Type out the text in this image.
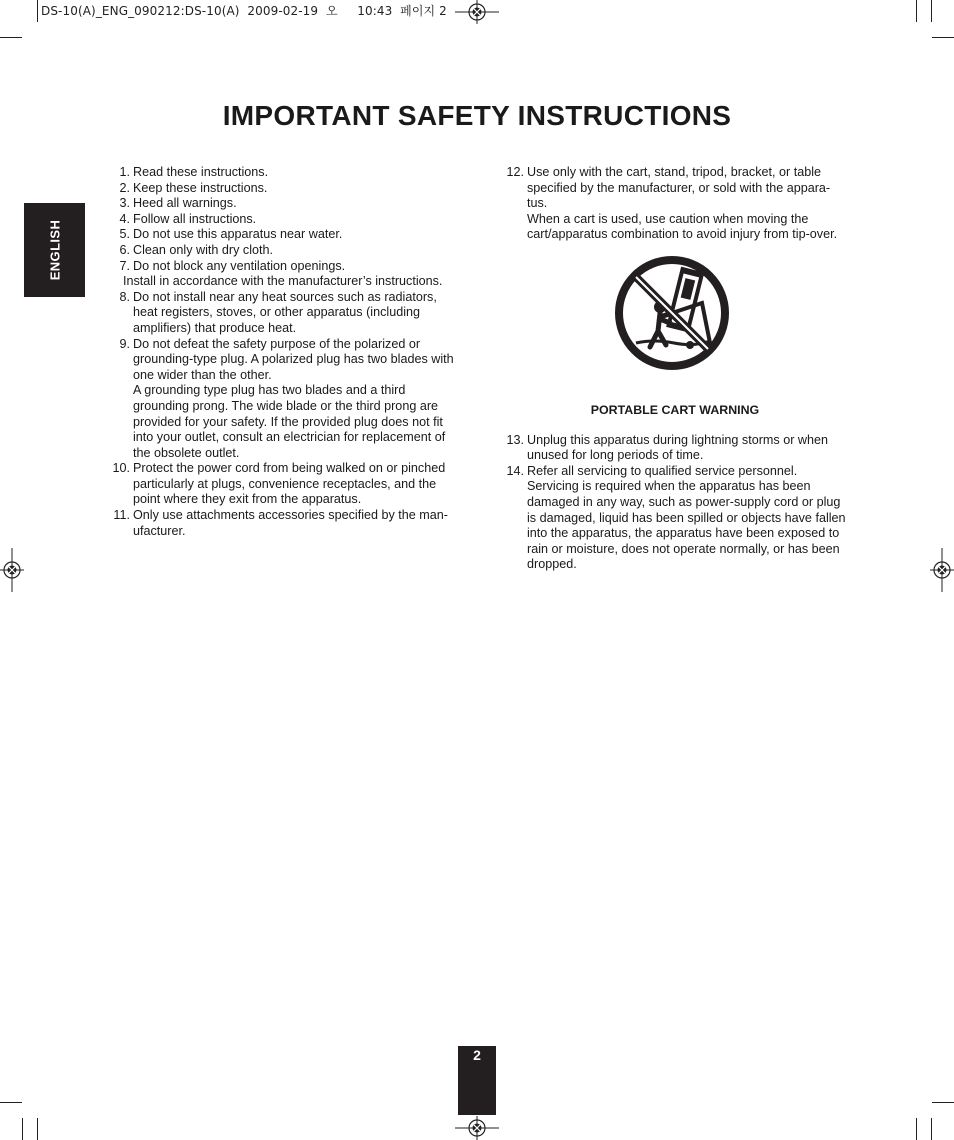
DS-10(A)_ENG_090212:DS-10(A)  2009-02-19  오     10:43  페이지 2
IMPORTANT SAFETY INSTRUCTIONS
ENGLISH
1. Read these instructions.

2. Keep these instructions.

3. Heed all warnings.

4. Follow all instructions.

5. Do not use this apparatus near water.

6. Clean only with dry cloth.

7. Do not block any ventilation openings.

Install in accordance with the manufacturer’s instructions.

8. Do not install near any heat sources such as radiators, heat registers, stoves, or other apparatus (including amplifiers) that produce heat.

9. Do not defeat the safety purpose of the polarized or grounding-type plug. A polarized plug has two blades with one wider than the other.

A grounding type plug has two blades and a third grounding prong. The wide blade or the third prong are provided for your safety. If the provided plug does not fit into your outlet, consult an electrician for replacement of the obsolete outlet.

10. Protect the power cord from being walked on or pinched particularly at plugs, convenience receptacles, and the point where they exit from the apparatus.

11. Only use attachments accessories specified by the man-ufacturer.

12. Use only with the cart, stand, tripod, bracket, or table specified by the manufacturer, or sold with the appara-tus.

When a cart is used, use caution when moving the cart/apparatus combination to avoid injury from tip-over.

PORTABLE CART WARNING

13. Unplug this apparatus during lightning storms or when unused for long periods of time.

14. Refer all servicing to qualified service personnel. Servicing is required when the apparatus has been damaged in any way, such as power-supply cord or plug is damaged, liquid has been spilled or objects have fallen into the apparatus, the apparatus have been exposed to rain or moisture, does not operate normally, or has been dropped.

2
